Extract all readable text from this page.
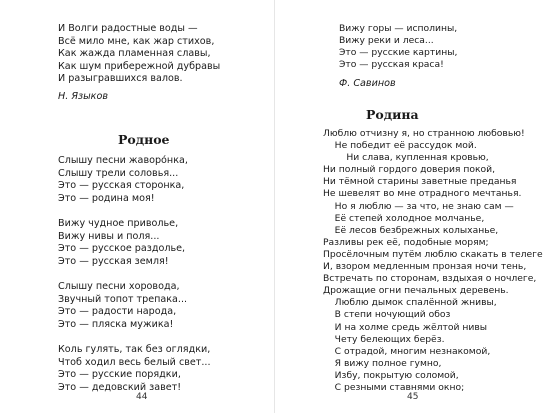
И Волги радостные воды —
Всё мило мне, как жар стихов,
Как жажда пламенная славы,
Как шум прибережной дубравы
И разыгравшихся валов.
Н. Языков
Родное
Слышу песни жаворо́нка,
Слышу трели соловья...
Это — русская сторонка,
Это — родина моя!
Вижу чудное приволье,
Вижу нивы и поля...
Это — русское раздолье,
Это — русская земля!
Слышу песни хоровода,
Звучный топот трепака...
Это — радости народа,
Это — пляска мужика!
Коль гулять, так без оглядки,
Чтоб ходил весь белый свет...
Это — русские порядки,
Это — дедовский завет!
44
Вижу горы — исполины,
Вижу реки и леса...
Это — русские картины,
Это — русская краса!
Ф. Савинов
Родина
Люблю отчизну я, но странною любовью!
Не победит её рассудок мой.
Ни слава, купленная кровью,
Ни полный гордого доверия покой,
Ни тёмной старины заветные преданья
Не шевелят во мне отрадного мечтанья.
Но я люблю — за что, не знаю сам —
Её степей холодное молчанье,
Её лесов безбрежных колыханье,
Разливы рек её, подобные морям;
Просёлочным путём люблю скакать в телеге
И, взором медленным пронзая ночи тень,
Встречать по сторонам, вздыхая о ночлеге,
Дрожащие огни печальных деревень.
Люблю дымок спалённой жнивы,
В степи ночующий обоз
И на холме средь жёлтой нивы
Чету белеющих берёз.
С отрадой, многим незнакомой,
Я вижу полное гумно,
Избу, покрытую соломой,
С резными ставнями окно;
45
